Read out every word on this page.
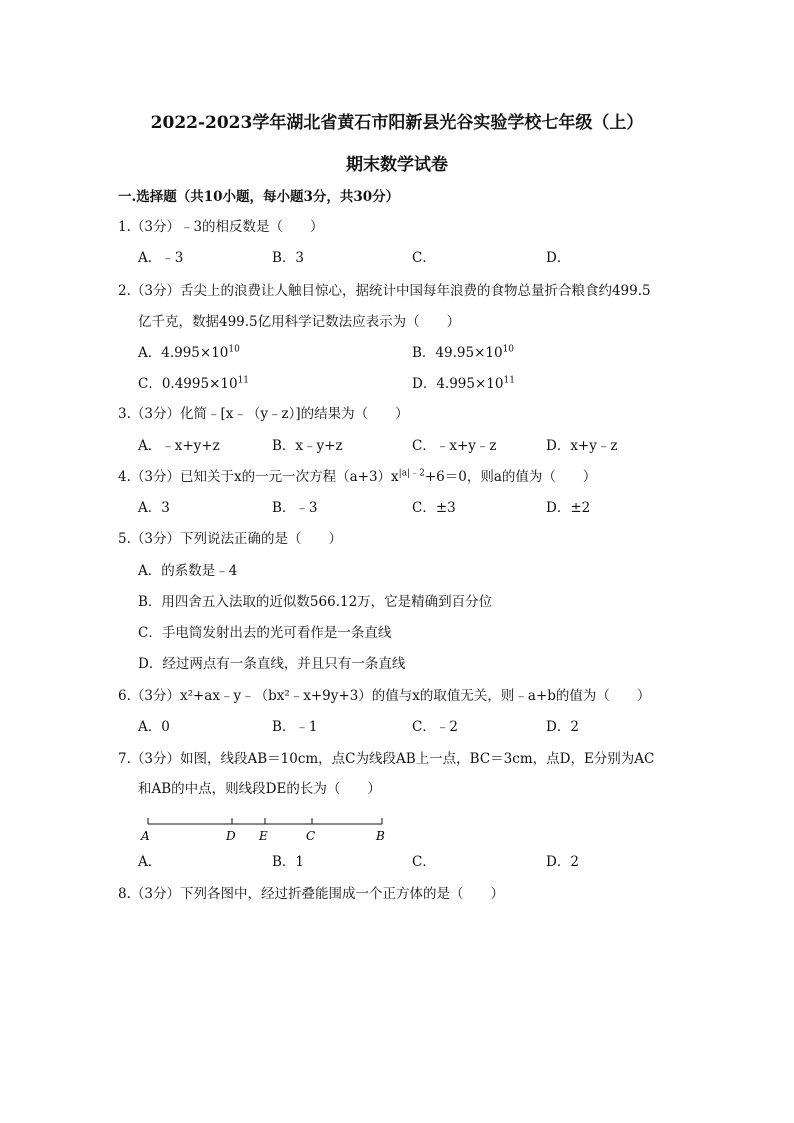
2022-2023学年湖北省黄石市阳新县光谷实验学校七年级（上）
期末数学试卷
一.选择题（共10小题，每小题3分，共30分）
1.（3分）﹣3的相反数是（　　）
A．﹣3	B．3	C．	D．
2.（3分）舌尖上的浪费让人触目惊心，据统计中国每年浪费的食物总量折合粮食约499.5
亿千克，数据499.5亿用科学记数法应表示为（　　）
A．$4.995\times 10^{10}$	B．$49.95\times 10^{10}$
C．$0.4995\times 10^{11}$	D．$4.995\times 10^{11}$
3.（3分）化简﹣[x﹣（y﹣z）]的结果为（　　）
A．﹣x+y+z	B．x﹣y+z	C．﹣x+y﹣z	D．x+y﹣z
4.（3分）已知关于x的一元一次方程$(a+3)x^{|a|﹣2}+6=0$，则a的值为（　　）
A．3	B．﹣3	C．±3	D．±2
5.（3分）下列说法正确的是（　　）
A．的系数是﹣4
B．用四舍五入法取的近似数566.12万，它是精确到百分位
C．手电筒发射出去的光可看作是一条直线
D．经过两点有一条直线，并且只有一条直线
6.（3分）x²+ax﹣y﹣（bx²﹣x+9y+3）的值与x的取值无关，则﹣a+b的值为（　　）
A．0	B．﹣1	C．﹣2	D．2
7.（3分）如图，线段AB＝10cm，点C为线段AB上一点，BC＝3cm，点D，E分别为AC
和AB的中点，则线段DE的长为（　　）
A	D E	C	B
A．	B．1	C．	D．2
8.（3分）下列各图中，经过折叠能围成一个正方体的是（　　）
